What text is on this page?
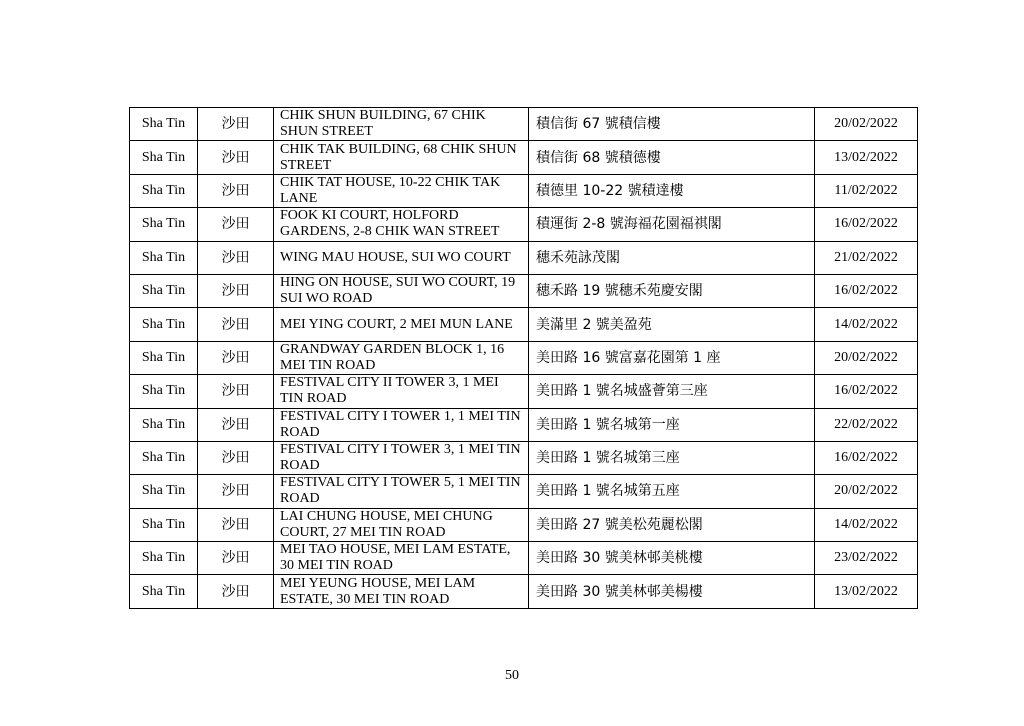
Sha Tin	沙田	CHIK SHUN BUILDING, 67 CHIK SHUN STREET	積信街 67 號積信樓	20/02/2022
Sha Tin	沙田	CHIK TAK BUILDING, 68 CHIK SHUN STREET	積信街 68 號積德樓	13/02/2022
Sha Tin	沙田	CHIK TAT HOUSE, 10-22 CHIK TAK LANE	積德里 10-22 號積達樓	11/02/2022
Sha Tin	沙田	FOOK KI COURT, HOLFORD GARDENS, 2-8 CHIK WAN STREET	積運街 2-8 號海福花園福祺閣	16/02/2022
Sha Tin	沙田	WING MAU HOUSE, SUI WO COURT	穗禾苑詠茂閣	21/02/2022
Sha Tin	沙田	HING ON HOUSE, SUI WO COURT, 19 SUI WO ROAD	穗禾路 19 號穗禾苑慶安閣	16/02/2022
Sha Tin	沙田	MEI YING COURT, 2 MEI MUN LANE	美滿里 2 號美盈苑	14/02/2022
Sha Tin	沙田	GRANDWAY GARDEN BLOCK 1, 16 MEI TIN ROAD	美田路 16 號富嘉花園第 1 座	20/02/2022
Sha Tin	沙田	FESTIVAL CITY II TOWER 3, 1 MEI TIN ROAD	美田路 1 號名城盛薈第三座	16/02/2022
Sha Tin	沙田	FESTIVAL CITY I TOWER 1, 1 MEI TIN ROAD	美田路 1 號名城第一座	22/02/2022
Sha Tin	沙田	FESTIVAL CITY I TOWER 3, 1 MEI TIN ROAD	美田路 1 號名城第三座	16/02/2022
Sha Tin	沙田	FESTIVAL CITY I TOWER 5, 1 MEI TIN ROAD	美田路 1 號名城第五座	20/02/2022
Sha Tin	沙田	LAI CHUNG HOUSE, MEI CHUNG COURT, 27 MEI TIN ROAD	美田路 27 號美松苑麗松閣	14/02/2022
Sha Tin	沙田	MEI TAO HOUSE, MEI LAM ESTATE, 30 MEI TIN ROAD	美田路 30 號美林邨美桃樓	23/02/2022
Sha Tin	沙田	MEI YEUNG HOUSE, MEI LAM ESTATE, 30 MEI TIN ROAD	美田路 30 號美林邨美楊樓	13/02/2022
50
